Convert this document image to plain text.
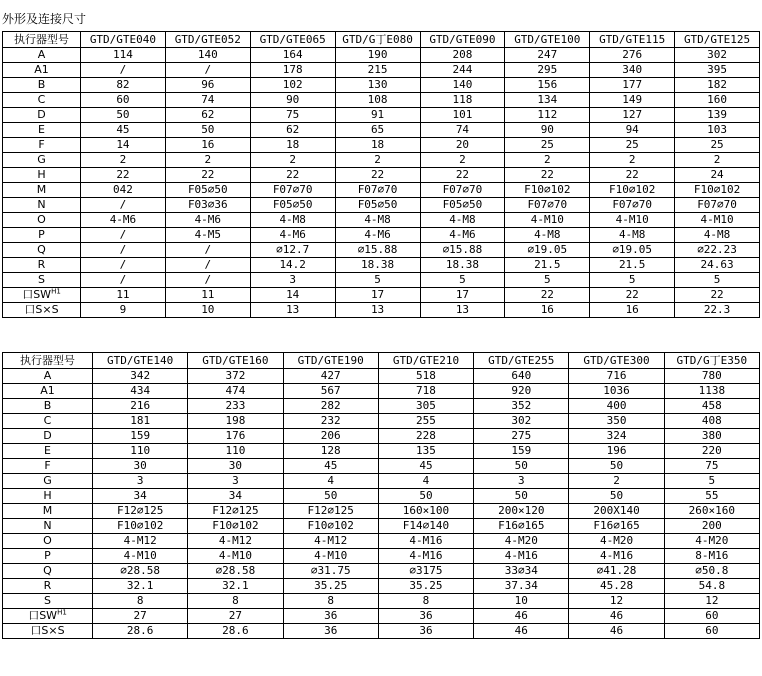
外形及连接尺寸
执行器型号	GTD/GTE040	GTD/GTE052	GTD/GTE065	GTD/G丁E080	GTD/GTE090	GTD/GTE100	GTD/GTE115	GTD/GTE125
A	114	140	164	190	208	247	276	302
A1	/	/	178	215	244	295	340	395
B	82	96	102	130	140	156	177	182
C	60	74	90	108	118	134	149	160
D	50	62	75	91	101	112	127	139
E	45	50	62	65	74	90	94	103
F	14	16	18	18	20	25	25	25
G	2	2	2	2	2	2	2	2
H	22	22	22	22	22	22	22	24
M	042	F05∅50	F07∅70	F07∅70	F07∅70	F10∅102	F10∅102	F10∅102
N	/	F03∅36	F05∅50	F05∅50	F05∅50	F07∅70	F07∅70	F07∅70
O	4-M6	4-M6	4-M8	4-M8	4-M8	4-M10	4-M10	4-M10
P	/	4-M5	4-M6	4-M6	4-M6	4-M8	4-M8	4-M8
Q	/	/	∅12.7	∅15.88	∅15.88	∅19.05	∅19.05	∅22.23
R	/	/	14.2	18.38	18.38	21.5	21.5	24.63
S	/	/	3	5	5	5	5	5
口$SW^{H1}$	11	11	14	17	17	22	22	22
口S×S	9	10	13	13	13	16	16	22.3
执行器型号	GTD/GTE140	GTD/GTE160	GTD/GTE190	GTD/GTE210	GTD/GTE255	GTD/GTE300	GTD/G丁E350
A	342	372	427	518	640	716	780
A1	434	474	567	718	920	1036	1138
B	216	233	282	305	352	400	458
C	181	198	232	255	302	350	408
D	159	176	206	228	275	324	380
E	110	110	128	135	159	196	220
F	30	30	45	45	50	50	75
G	3	3	4	4	3	2	5
H	34	34	50	50	50	50	55
M	F12∅125	F12∅125	F12∅125	160×100	200×120	200X140	260×160
N	F10∅102	F10∅102	F10∅102	F14∅140	F16∅165	F16∅165	200
O	4-M12	4-M12	4-M12	4-M16	4-M20	4-M20	4-M20
P	4-M10	4-M10	4-M10	4-M16	4-M16	4-M16	8-M16
Q	∅28.58	∅28.58	∅31.75	∅3175	33∅34	∅41.28	∅50.8
R	32.1	32.1	35.25	35.25	37.34	45.28	54.8
S	8	8	8	8	10	12	12
口$SW^{H1}$	27	27	36	36	46	46	60
口S×S	28.6	28.6	36	36	46	46	60
